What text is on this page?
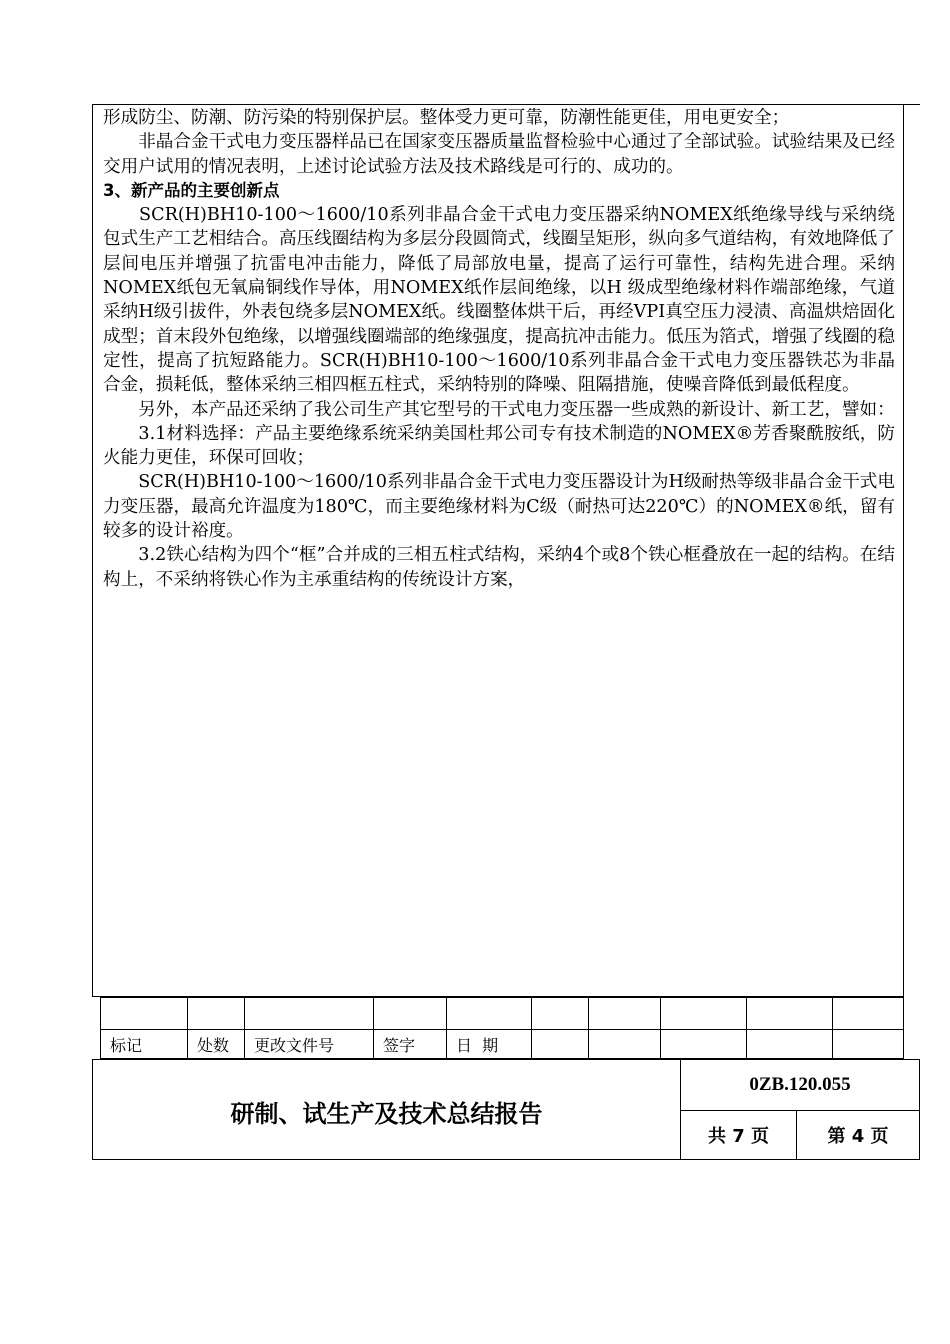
形成防尘、防潮、防污染的特别保护层。整体受力更可靠，防潮性能更佳，用电更安全；

　　非晶合金干式电力变压器样品已在国家变压器质量监督检验中心通过了全部试验。试验结果及已经交用户试用的情况表明，上述讨论试验方法及技术路线是可行的、成功的。

3、新产品的主要创新点

　　SCR(H)BH10-100～1600/10系列非晶合金干式电力变压器采纳NOMEX纸绝缘导线与采纳绕包式生产工艺相结合。高压线圈结构为多层分段圆筒式，线圈呈矩形，纵向多气道结构，有效地降低了层间电压并增强了抗雷电冲击能力，降低了局部放电量，提高了运行可靠性，结构先进合理。采纳 NOMEX纸包无氧扁铜线作导体，用NOMEX纸作层间绝缘，以H 级成型绝缘材料作端部绝缘，气道采纳H级引拔件，外表包绕多层NOMEX纸。线圈整体烘干后，再经VPI真空压力浸渍、高温烘焙固化成型；首末段外包绝缘，以增强线圈端部的绝缘强度，提高抗冲击能力。低压为箔式，增强了线圈的稳定性，提高了抗短路能力。SCR(H)BH10-100～1600/10系列非晶合金干式电力变压器铁芯为非晶合金，损耗低，整体采纳三相四框五柱式，采纳特别的降噪、阻隔措施，使噪音降低到最低程度。

　　另外，本产品还采纳了我公司生产其它型号的干式电力变压器一些成熟的新设计、新工艺，譬如：

　　3.1材料选择：产品主要绝缘系统采纳美国杜邦公司专有技术制造的NOMEX®芳香聚酰胺纸，防火能力更佳，环保可回收；

　　SCR(H)BH10-100～1600/10系列非晶合金干式电力变压器设计为H级耐热等级非晶合金干式电力变压器，最高允许温度为180℃，而主要绝缘材料为C级（耐热可达220℃）的NOMEX®纸，留有较多的设计裕度。

　　3.2铁心结构为四个“框”合并成的三相五柱式结构，采纳4个或8个铁心框叠放在一起的结构。在结构上，不采纳将铁心作为主承重结构的传统设计方案，

标记	处数	更改文件号	签字	日  期					
研制、试生产及技术总结报告
0ZB.120.055
共 7 页	第 4 页
